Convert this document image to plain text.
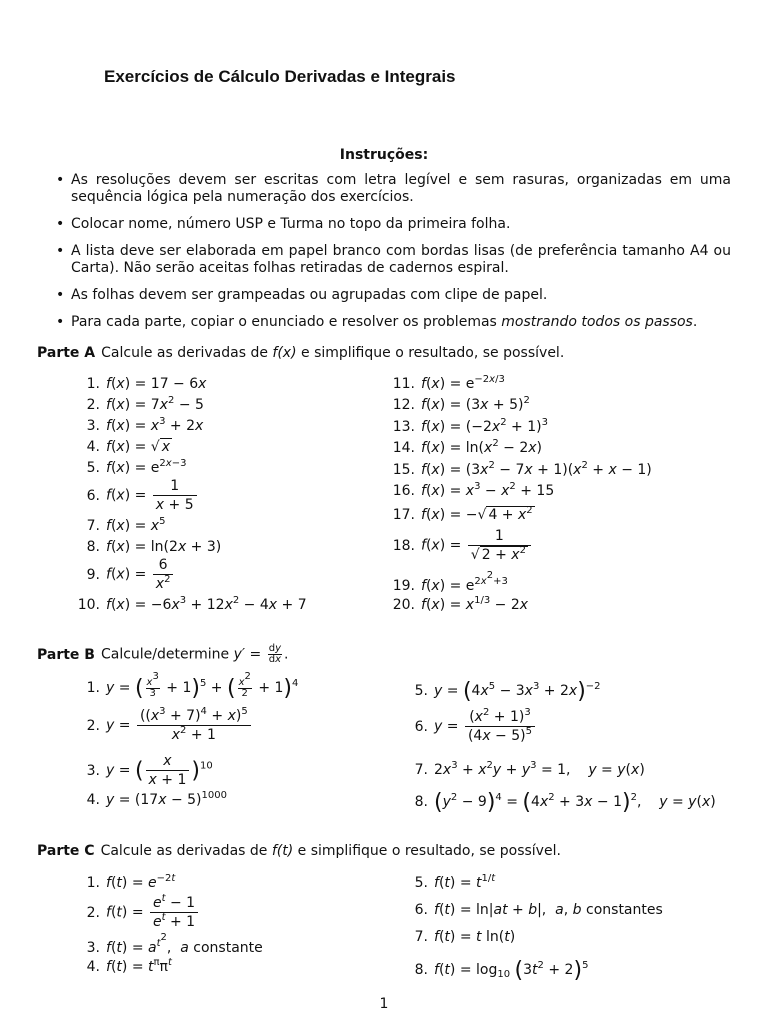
Exercícios de Cálculo Derivadas e Integrais
Instruções:
• As resoluções devem ser escritas com letra legível e sem rasuras, organizadas em uma sequência lógica pela numeração dos exercícios.
• Colocar nome, número USP e Turma no topo da primeira folha.
• A lista deve ser elaborada em papel branco com bordas lisas (de preferência tamanho A4 ou Carta). Não serão aceitas folhas retiradas de cadernos espiral.
• As folhas devem ser grampeadas ou agrupadas com clipe de papel.
• Para cada parte, copiar o enunciado e resolver os problemas mostrando todos os passos.
Parte A Calcule as derivadas de f(x) e simplifique o resultado, se possível.
1. f(x) = 17 − 6x
2. $f(x) = 7x^2 - 5$
3. $f(x) = x^3 + 2x$
4. f(x) = √ x
5. $f(x) = e^{2x-3}$
6. $f(x) = \frac{1}{x + 5}$
7. $f(x) = x^5$
8. f(x) = ln(2x + 3)
9. $f(x) = \frac{6}{x^2}$
10. $f(x) = -6x^3 + 12x^2 - 4x + 7$
11. $f(x) = e^{-2x/3}$
12. $f(x) = (3x + 5)^2$
13. $f(x) = (-2x^2 + 1)^3$
14. $f(x) = \ln(x^2 - 2x)$
15. $f(x) = (3x^2 - 7x + 1)(x^2 + x - 1)$
16. $f(x) = x^3 - x^2 + 15$
17. f(x) = −√ $4 + x^2$
18. $f(x) = \frac{1}{√ 2 + x^2}$
19. $f(x) = e^{2x^2+3}$
20. $f(x) = x^{1/3} - 2x$
Parte B Calcule/determine $y' = \frac{dy}{dx}$ .
1. y = ( $\frac{x^3}{3} + 1)^5$ + ( $\frac{x^2}{2} + 1)^4$
2. $y = \frac{((x^3 + 7)^4 + x)^5}{x^2 + 1}$
3. y = ( $\frac{x}{x + 1} )^{10}$
4. $y = (17x - 5)^{1000}$
5. $y = (4x^5 - 3x^3 + 2x)^{-2}$
6. $y = \frac{(x^2 + 1)^3}{(4x - 5)^5}$
7. $2x^3 + x^2y + y^3 = 1$,    y = y(x)
8. $(y^2 - 9)^4 = (4x^2 + 3x - 1)^2$,    y = y(x)
Parte C Calcule as derivadas de f(t) e simplifique o resultado, se possível.
1. $f(t) = e^{-2t}$
2. $f(t) = \frac{e^t - 1}{e^t + 1}$
3. $f(t) = a^{t^2}$,  a constante
4. $f(t) = t^\pi\pi^t$
5. $f(t) = t^{1/t}$
6. f(t) = ln|at + b|,  a, b constantes
7. f(t) = t ln(t)
8. $f(t) = \log_{10} (3t^2 + 2)^5$
1
